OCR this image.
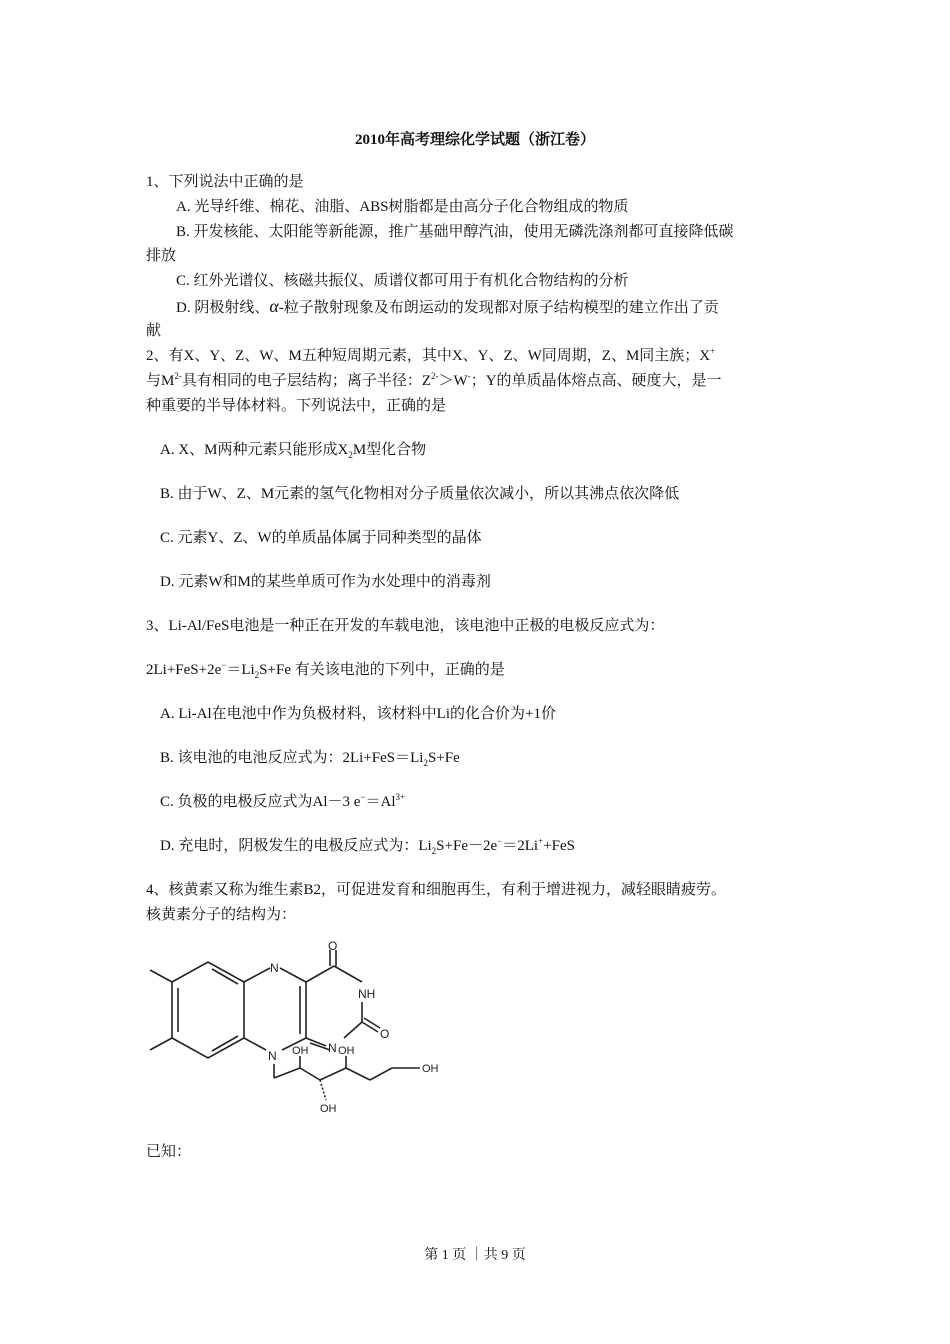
2010年高考理综化学试题（浙江卷）
1、下列说法中正确的是
A. 光导纤维、棉花、油脂、ABS树脂都是由高分子化合物组成的物质
B. 开发核能、太阳能等新能源，推广基础甲醇汽油，使用无磷洗涤剂都可直接降低碳
排放
C. 红外光谱仪、核磁共振仪、质谱仪都可用于有机化合物结构的分析
D. 阴极射线、α-粒子散射现象及布朗运动的发现都对原子结构模型的建立作出了贡
献
2、有X、Y、Z、W、M五种短周期元素，其中X、Y、Z、W同周期，Z、M同主族；X+
与$M^{2-}$具有相同的电子层结构；离子半径：$Z^{2-}>W^-$；Y的单质晶体熔点高、硬度大，是一
种重要的半导体材料。下列说法中，正确的是
A. X、M两种元素只能形成$X_2M$型化合物
B. 由于W、Z、M元素的氢气化物相对分子质量依次减小，所以其沸点依次降低
C. 元素Y、Z、W的单质晶体属于同种类型的晶体
D. 元素W和M的某些单质可作为水处理中的消毒剂
3、Li-Al/FeS电池是一种正在开发的车载电池，该电池中正极的电极反应式为：
$2Li+FeS+2e^-=Li_2S+Fe$ 有关该电池的下列中，正确的是
A. Li-Al在电池中作为负极材料，该材料中Li的化合价为+1价
B. 该电池的电池反应式为：$2Li+FeS=Li_2S+Fe$
C. 负极的电极反应式为Al－3 $e^-=Al^{3+}$
D. 充电时，阴极发生的电极反应式为：$Li_2S+Fe-2e^-=2Li^++FeS$
4、核黄素又称为维生素B2，可促进发育和细胞再生，有利于增进视力，减轻眼睛疲劳。
核黄素分子的结构为：
O
NH
O
N
N
N
OH	OH
OH
OH
已知：
第 1 页 ｜共 9 页
